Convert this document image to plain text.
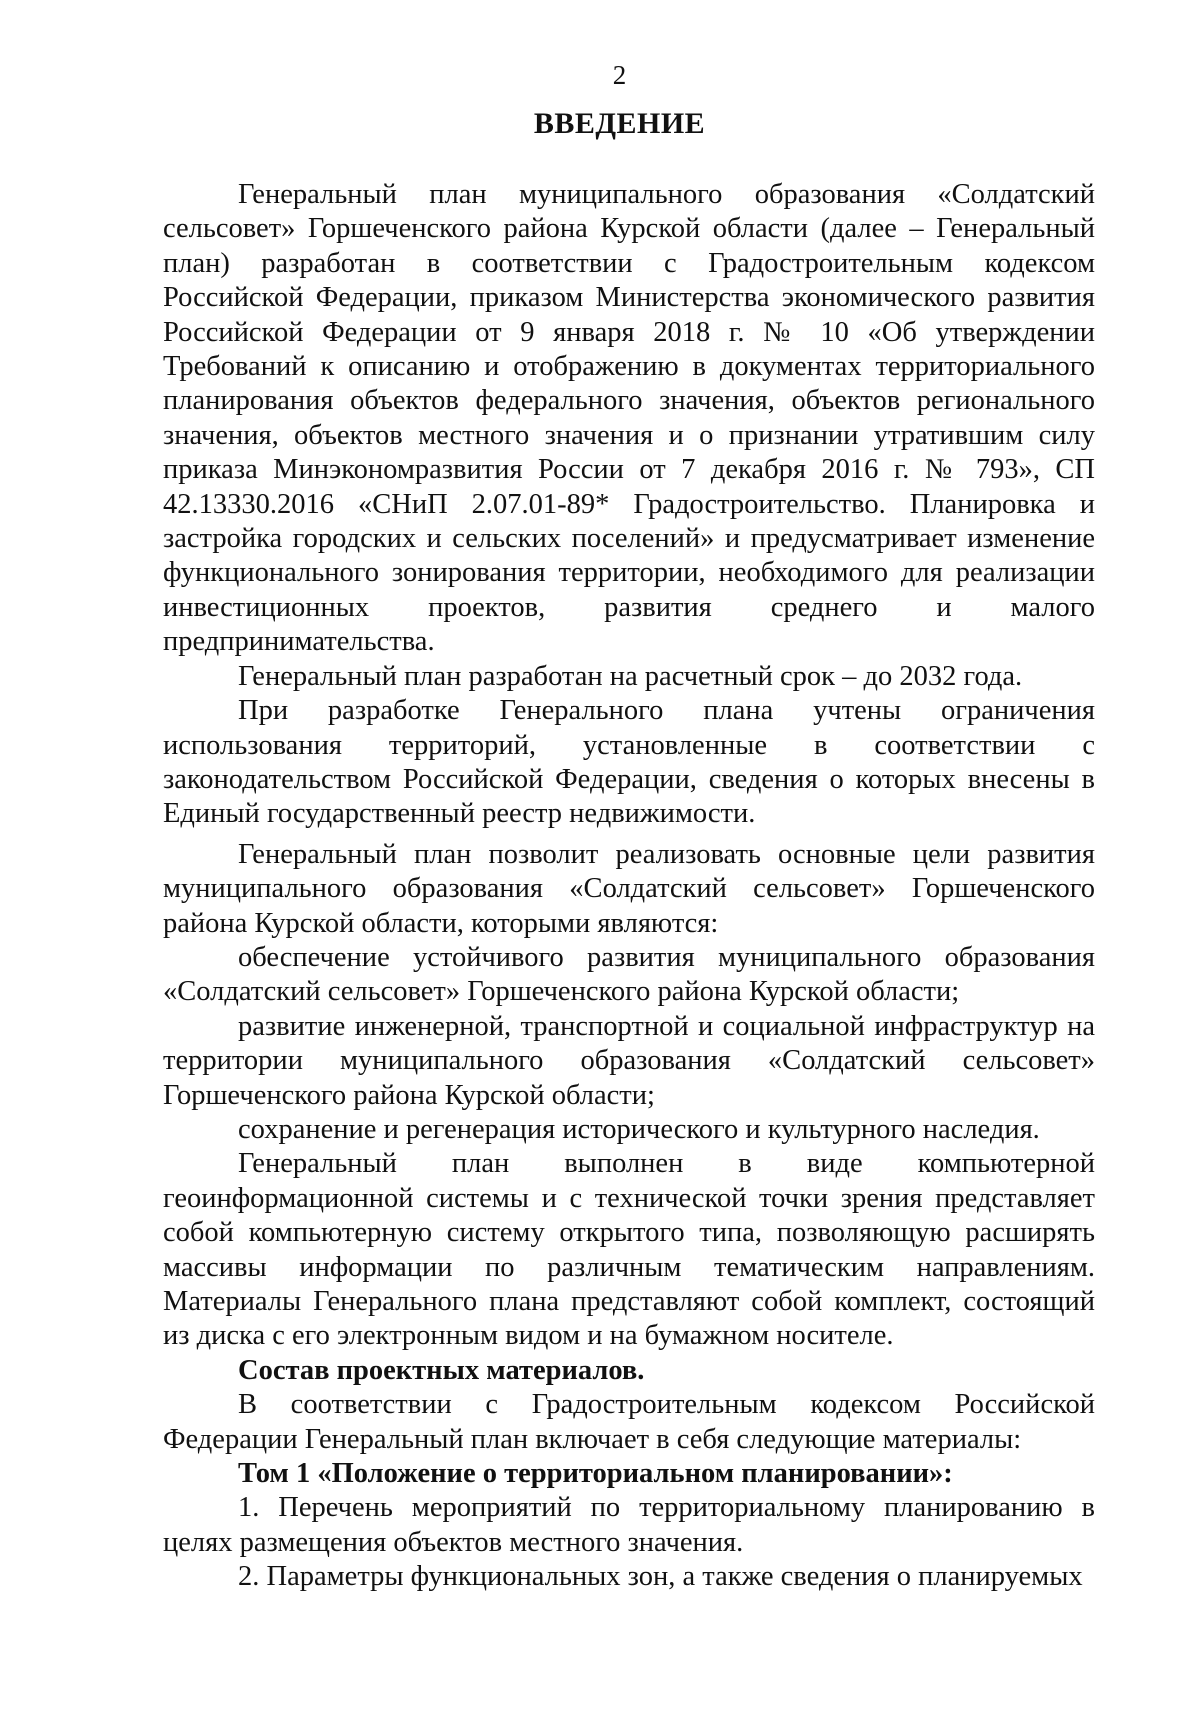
2
ВВЕДЕНИЕ

Генеральный план муниципального образования «Солдатский сельсовет» Горшеченского района Курской области (далее – Генеральный план) разработан в соответствии с Градостроительным кодексом Российской Федерации, приказом Министерства экономического развития Российской Федерации от 9 января 2018 г. № 10 «Об утверждении Требований к описанию и отображению в документах территориального планирования объектов федерального значения, объектов регионального значения, объектов местного значения и о признании утратившим силу приказа Минэкономразвития России от 7 декабря 2016 г. № 793», СП 42.13330.2016 «СНиП 2.07.01-89* Градостроительство. Планировка и застройка городских и сельских поселений» и предусматривает изменение функционального зонирования территории, необходимого для реализации инвестиционных проектов, развития среднего и малого предпринимательства.

Генеральный план разработан на расчетный срок – до 2032 года.

При разработке Генерального плана учтены ограничения использования территорий, установленные в соответствии с законодательством Российской Федерации, сведения о которых внесены в Единый государственный реестр недвижимости.

Генеральный план позволит реализовать основные цели развития муниципального образования «Солдатский сельсовет» Горшеченского района Курской области, которыми являются:

обеспечение устойчивого развития муниципального образования «Солдатский сельсовет» Горшеченского района Курской области;

развитие инженерной, транспортной и социальной инфраструктур на территории муниципального образования «Солдатский сельсовет» Горшеченского района Курской области;

сохранение и регенерация исторического и культурного наследия.

Генеральный план выполнен в виде компьютерной геоинформационной системы и с технической точки зрения представляет собой компьютерную систему открытого типа, позволяющую расширять массивы информации по различным тематическим направлениям. Материалы Генерального плана представляют собой комплект, состоящий из диска с его электронным видом и на бумажном носителе.

Состав проектных материалов.

В соответствии с Градостроительным кодексом Российской Федерации Генеральный план включает в себя следующие материалы:

Том 1 «Положение о территориальном планировании»:

1. Перечень мероприятий по территориальному планированию в целях размещения объектов местного значения.

2. Параметры функциональных зон, а также сведения о планируемых
